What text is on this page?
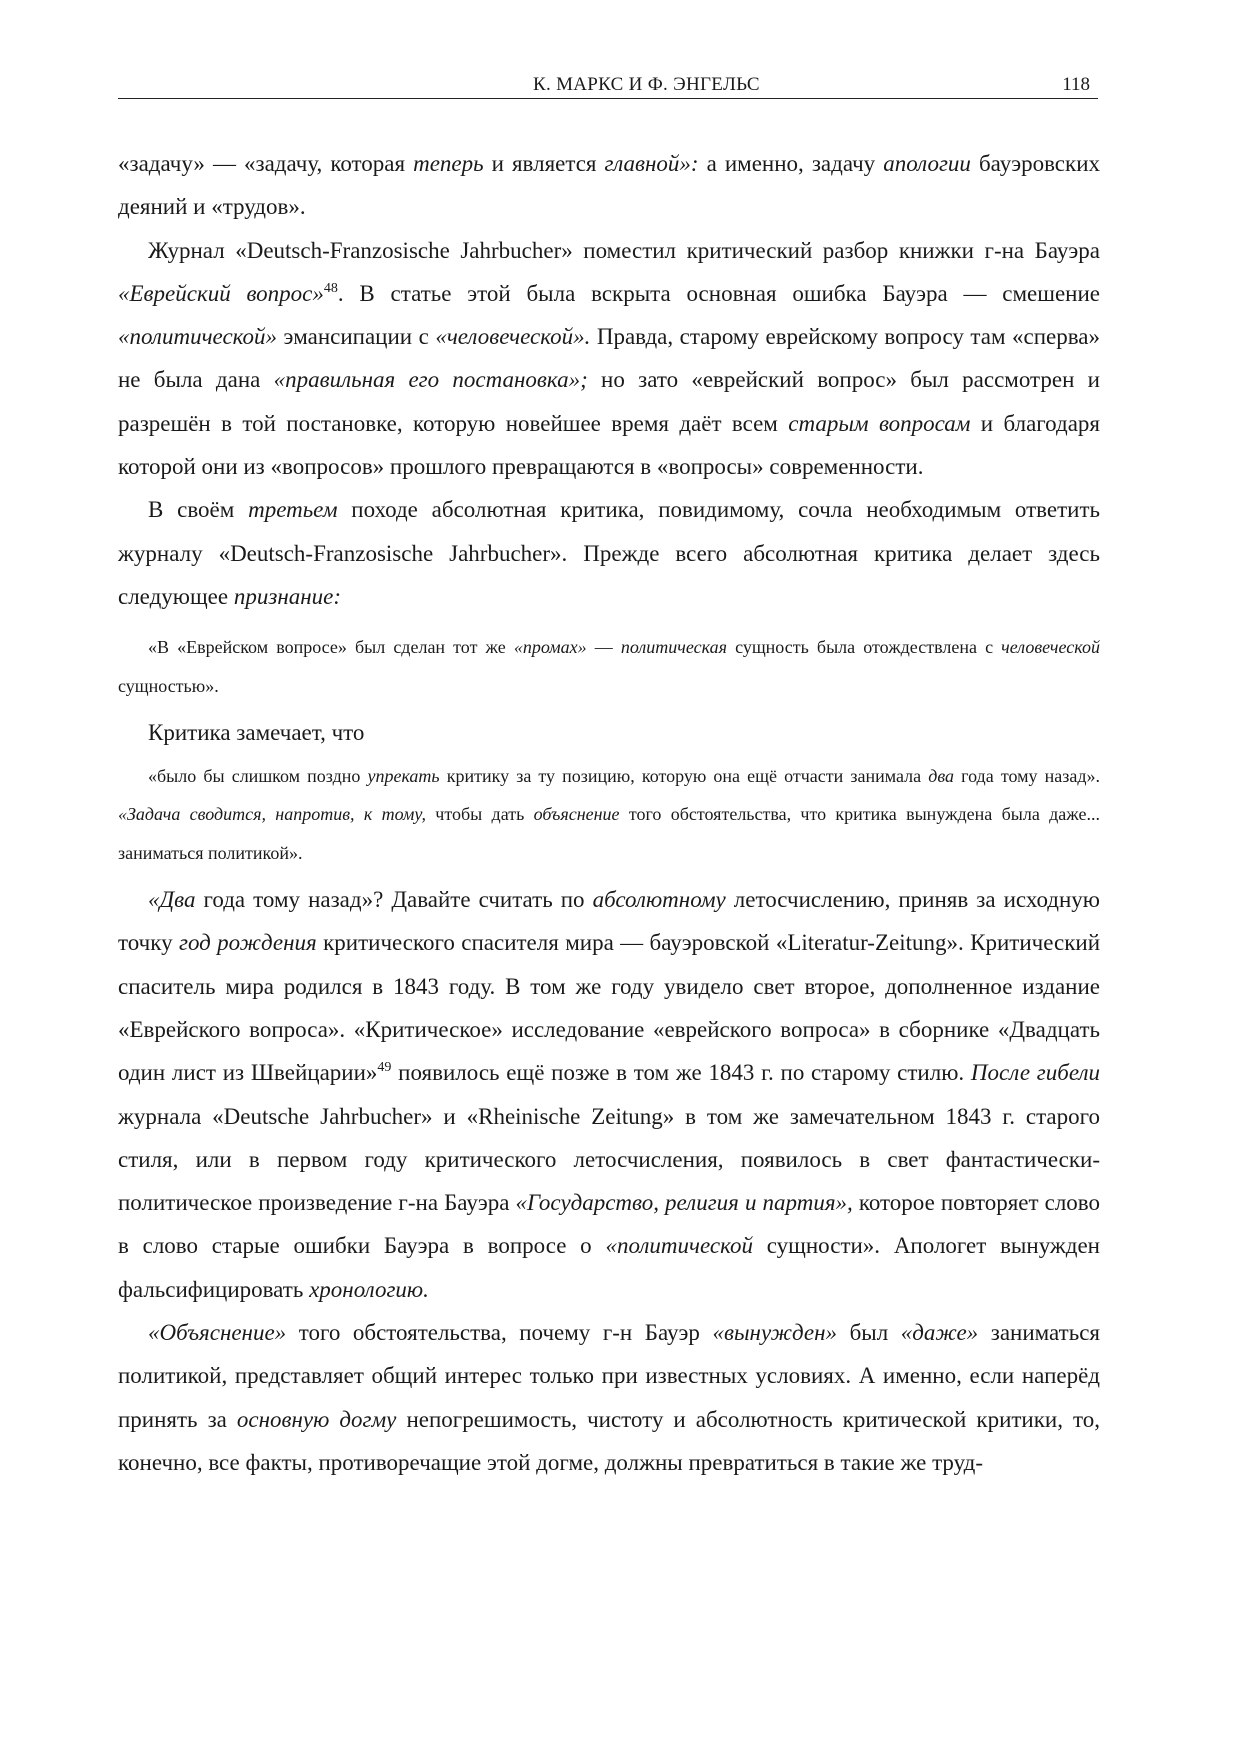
К. МАРКС И Ф. ЭНГЕЛЬС	118

«задачу» — «задачу, которая теперь и является главной»: а именно, задачу апологии бауэровских деяний и «трудов».

Журнал «Deutsch-Franzosische Jahrbucher» поместил критический разбор книжки г-на Бауэра «Еврейский вопрос»$^{48}$. В статье этой была вскрыта основная ошибка Бауэра — смешение «политической» эмансипации с «человеческой». Правда, старому еврейскому вопросу там «сперва» не была дана «правильная его постановка»; но зато «еврейский вопрос» был рассмотрен и разрешён в той постановке, которую новейшее время даёт всем старым вопросам и благодаря которой они из «вопросов» прошлого превращаются в «вопросы» современности.

В своём третьем походе абсолютная критика, повидимому, сочла необходимым ответить журналу «Deutsch-Franzosische Jahrbucher». Прежде всего абсолютная критика делает здесь следующее признание:

«В «Еврейском вопросе» был сделан тот же «промах» — политическая сущность была отождествлена с человеческой сущностью».

Критика замечает, что

«было бы слишком поздно упрекать критику за ту позицию, которую она ещё отчасти занимала два года тому назад». «Задача сводится, напротив, к тому, чтобы дать объяснение того обстоятельства, что критика вынуждена была даже... заниматься политикой».

«Два года тому назад»? Давайте считать по абсолютному летосчислению, приняв за исходную точку год рождения критического спасителя мира — бауэровской «Literatur-Zeitung». Критический спаситель мира родился в 1843 году. В том же году увидело свет второе, дополненное издание «Еврейского вопроса». «Критическое» исследование «еврейского вопроса» в сборнике «Двадцать один лист из Швейцарии»$^{49}$ появилось ещё позже в том же 1843 г. по старому стилю. После гибели журнала «Deutsche Jahrbucher» и «Rheinische Zeitung» в том же замечательном 1843 г. старого стиля, или в первом году критического летосчисления, появилось в свет фантастически-политическое произведение г-на Бауэра «Государство, религия и партия», которое повторяет слово в слово старые ошибки Бауэра в вопросе о «политической сущности». Апологет вынужден фальсифицировать хронологию.

«Объяснение» того обстоятельства, почему г-н Бауэр «вынужден» был «даже» заниматься политикой, представляет общий интерес только при известных условиях. А именно, если наперёд принять за основную догму непогрешимость, чистоту и абсолютность критической критики, то, конечно, все факты, противоречащие этой догме, должны превратиться в такие же труд-
